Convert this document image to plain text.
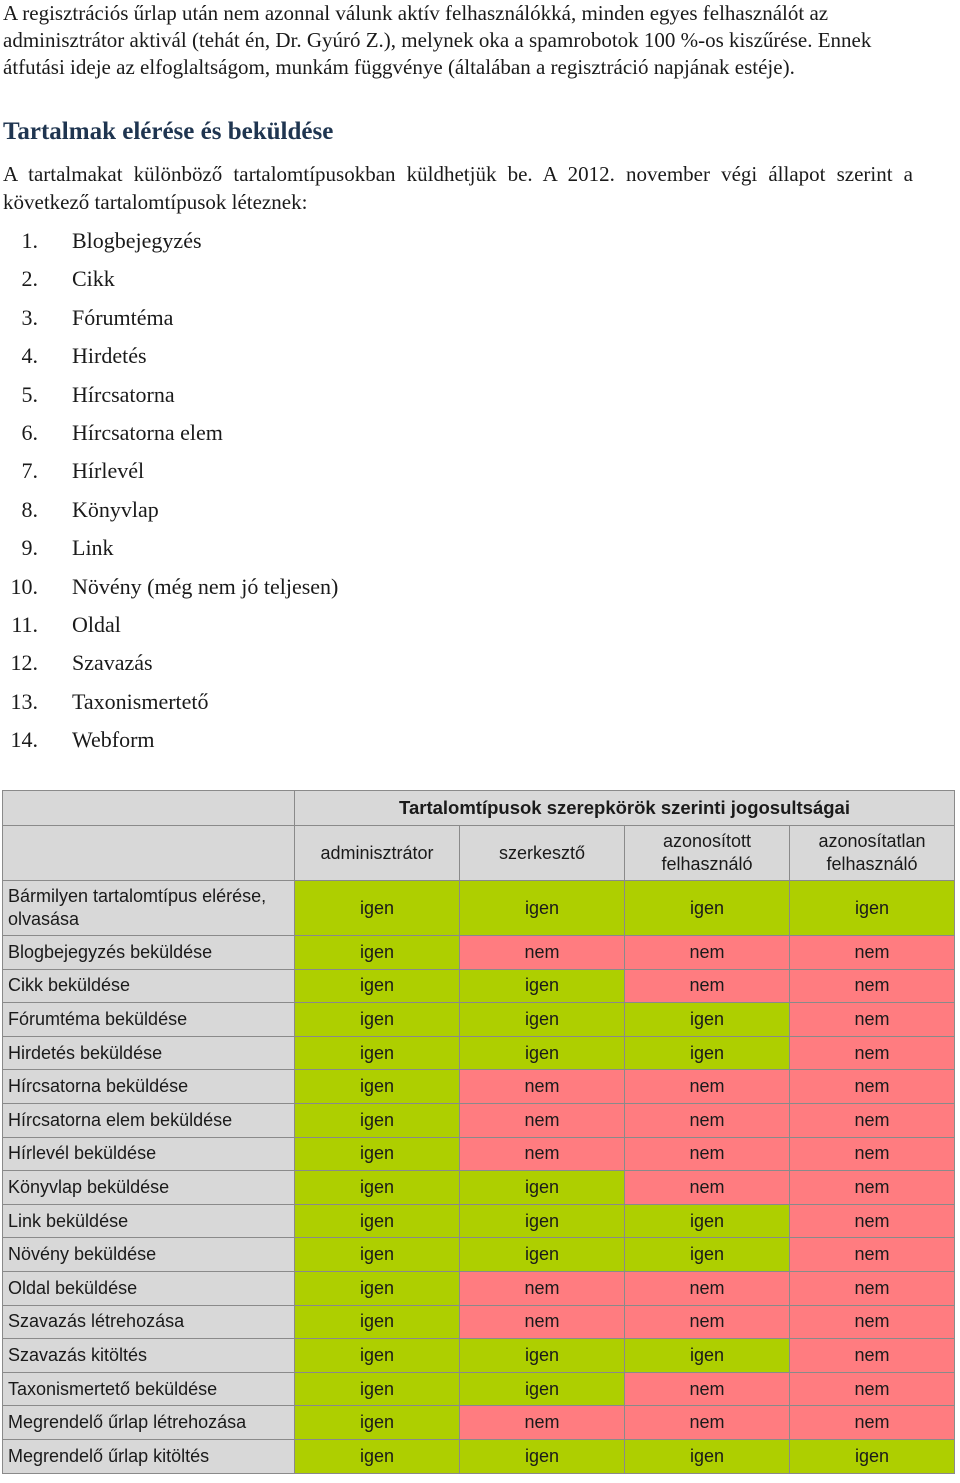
A regisztrációs űrlap után nem azonnal válunk aktív felhasználókká, minden egyes felhasználót az adminisztrátor aktivál (tehát én, Dr. Gyúró Z.), melynek oka a spamrobotok 100 %-os kiszűrése. Ennek átfutási ideje az elfoglaltságom, munkám függvénye (általában a regisztráció napjának estéje).

Tartalmak elérése és beküldése

A tartalmakat különböző tartalomtípusokban küldhetjük be. A 2012. november végi állapot szerint a következő tartalomtípusok léteznek:

1. Blogbejegyzés
2. Cikk
3. Fórumtéma
4. Hirdetés
5. Hírcsatorna
6. Hírcsatorna elem
7. Hírlevél
8. Könyvlap
9. Link
10. Növény (még nem jó teljesen)
11. Oldal
12. Szavazás
13. Taxonismertető
14. Webform
	Tartalomtípusok szerepkörök szerinti jogosultságai			
	adminisztrátor	szerkesztő	azonosított felhasználó	azonosítatlan felhasználó
Bármilyen tartalomtípus elérése, olvasása	igen	igen	igen	igen
Blogbejegyzés beküldése	igen	nem	nem	nem
Cikk beküldése	igen	igen	nem	nem
Fórumtéma beküldése	igen	igen	igen	nem
Hirdetés beküldése	igen	igen	igen	nem
Hírcsatorna beküldése	igen	nem	nem	nem
Hírcsatorna elem beküldése	igen	nem	nem	nem
Hírlevél beküldése	igen	nem	nem	nem
Könyvlap beküldése	igen	igen	nem	nem
Link beküldése	igen	igen	igen	nem
Növény beküldése	igen	igen	igen	nem
Oldal beküldése	igen	nem	nem	nem
Szavazás létrehozása	igen	nem	nem	nem
Szavazás kitöltés	igen	igen	igen	nem
Taxonismertető beküldése	igen	igen	nem	nem
Megrendelő űrlap létrehozása	igen	nem	nem	nem
Megrendelő űrlap kitöltés	igen	igen	igen	igen
